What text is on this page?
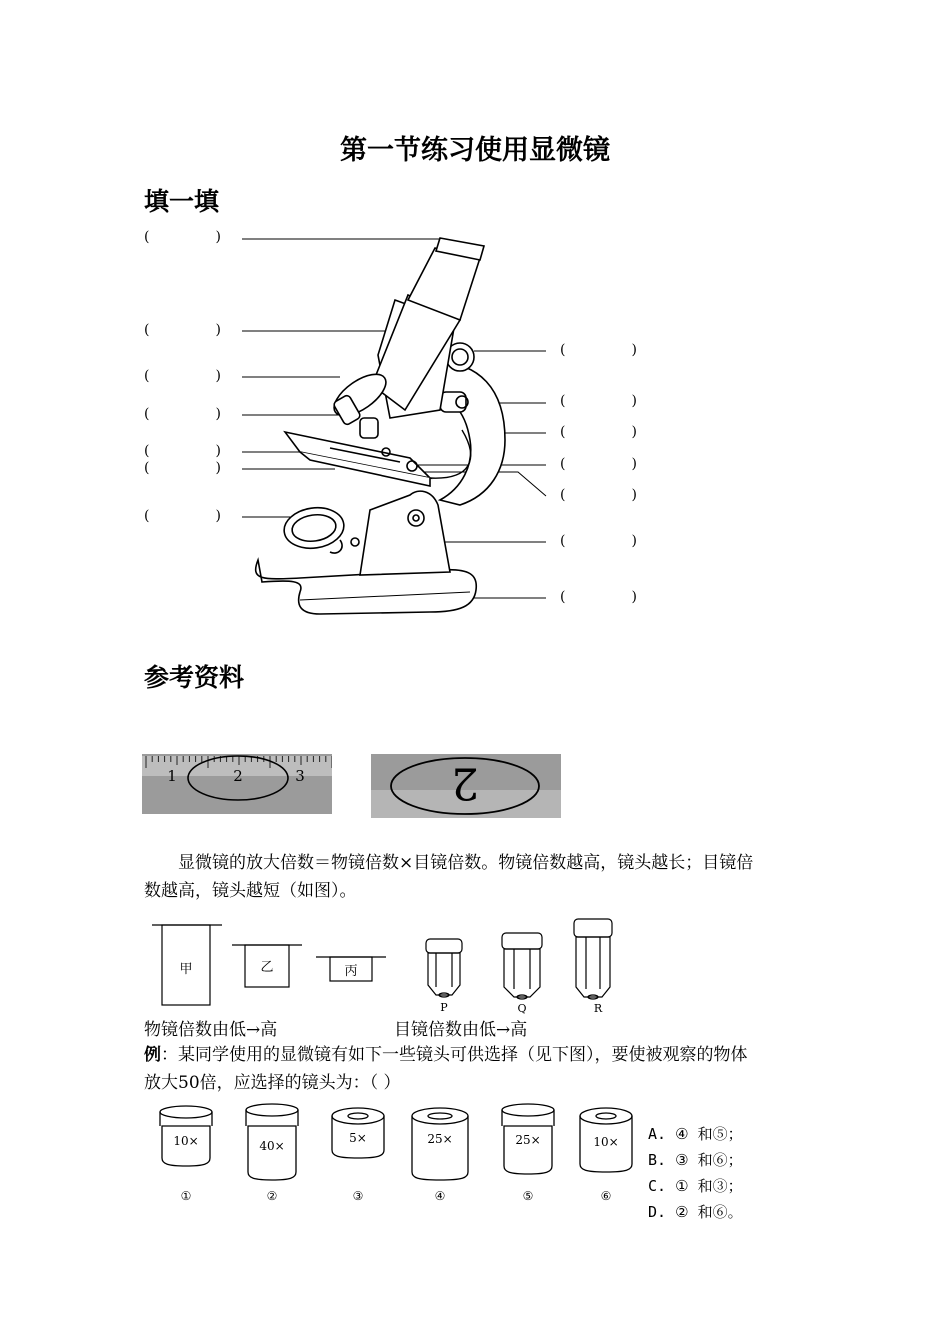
第一节练习使用显微镜
填一填
(	)
(	)
(	)
(	)
(	)
(	)
(	)
(	)
(	)
(	)
(	)
(	)
(	)
(	)
参考资料
1	2	3	2
显微镜的放大倍数＝物镜倍数×目镜倍数。物镜倍数越高，镜头越长；目镜倍
数越高，镜头越短（如图）。
甲	乙	丙
P	Q	R
物镜倍数由低→高	目镜倍数由低→高
例：某同学使用的显微镜有如下一些镜头可供选择（见下图），要使被观察的物体
放大50倍，应选择的镜头为：（ ）
10×	40×
5×	25×	25×	10×
①	②	③	④	⑤	⑥
A. ④ 和⑤；
B. ③ 和⑥；
C. ① 和③；
D. ② 和⑥。
